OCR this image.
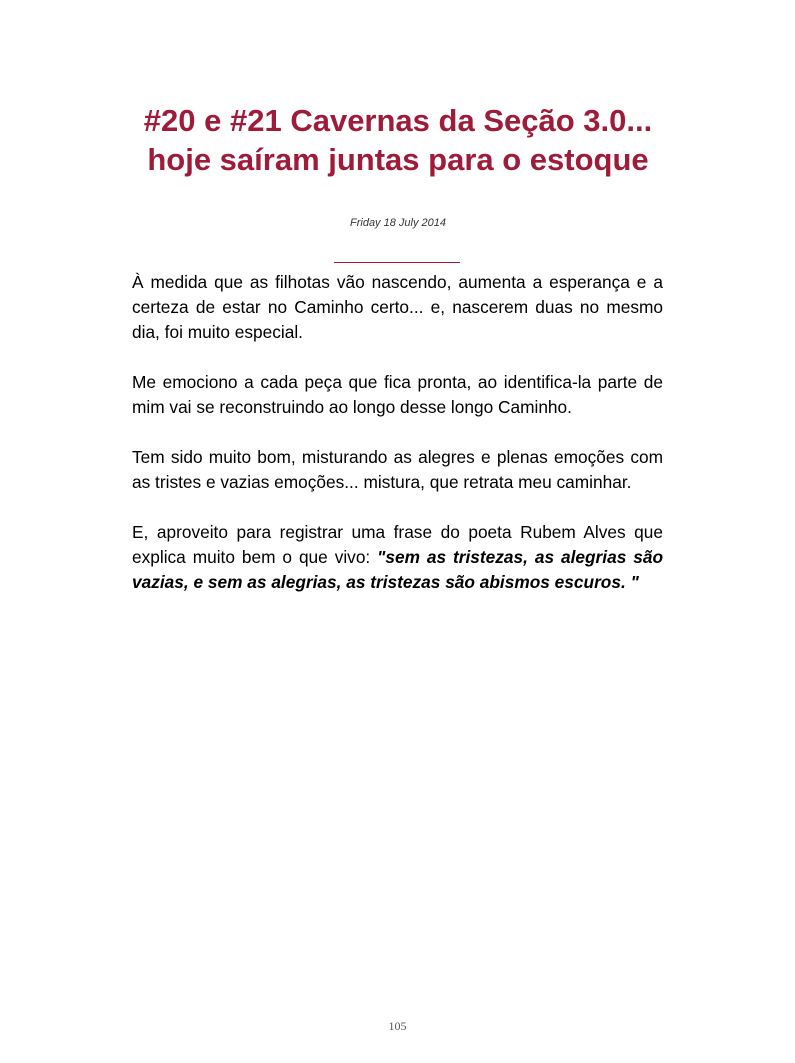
#20 e #21 Cavernas da Seção 3.0... hoje saíram juntas para o estoque
Friday 18 July 2014

À medida que as filhotas vão nascendo, aumenta a esperança e a certeza de estar no Caminho certo... e, nascerem duas no mesmo dia, foi muito especial.

Me emociono a cada peça que fica pronta, ao identifica-la parte de mim vai se reconstruindo ao longo desse longo Caminho.

Tem sido muito bom, misturando as alegres e plenas emoções com as tristes e vazias emoções... mistura, que retrata meu caminhar.

E, aproveito para registrar uma frase do poeta Rubem Alves que explica muito bem o que vivo: "sem as tristezas, as alegrias são vazias, e sem as alegrias, as tristezas são abismos escuros. "

105
